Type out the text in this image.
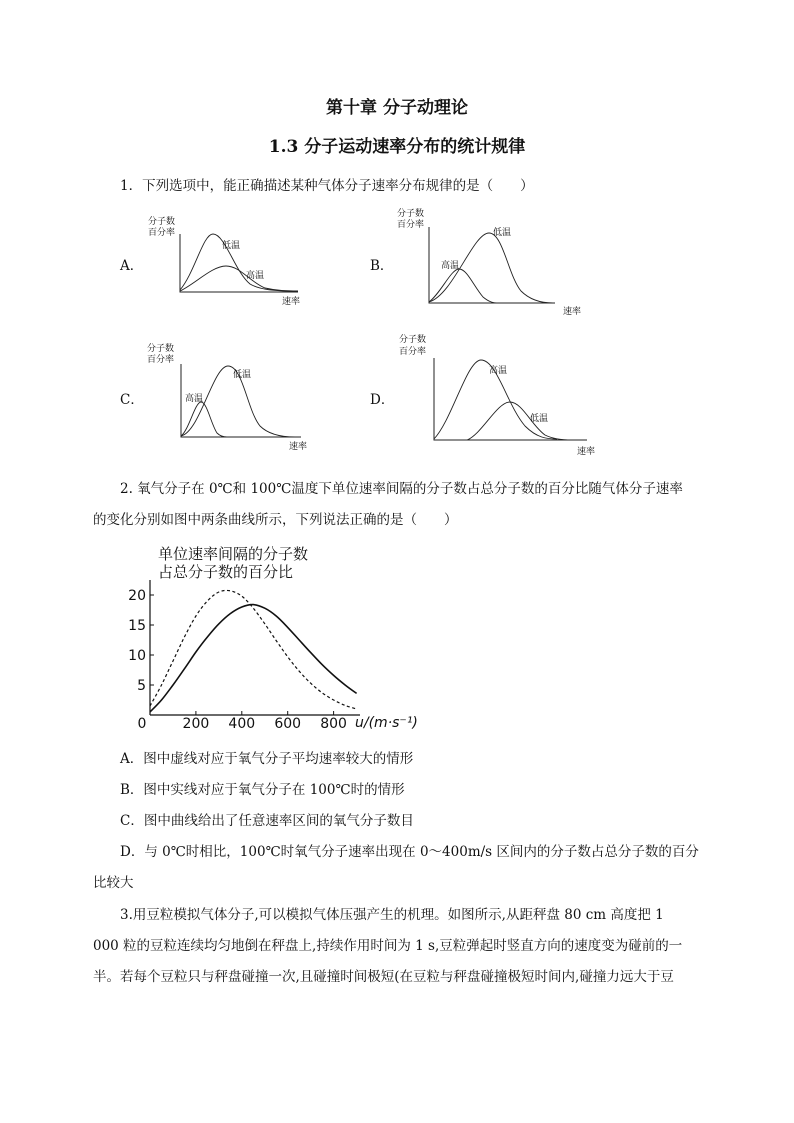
第十章 分子动理论
1.3 分子运动速率分布的统计规律
1．下列选项中，能正确描述某种气体分子速率分布规律的是（　　）
A．	B．
C．	D．
分子数
百分率
低温
高温
速率
分子数
百分率
高温
低温
速率
分子数
百分率
高温
低温
速率
分子数
百分率
高温
低温
速率
2. 氧气分子在 0℃和 100℃温度下单位速率间隔的分子数占总分子数的百分比随气体分子速率
的变化分别如图中两条曲线所示，下列说法正确的是（　　）
单位速率间隔的分子数
占总分子数的百分比
200 400 600 800
5
10
15
20
0	u/(m·s⁻¹)
A．图中虚线对应于氧气分子平均速率较大的情形
B．图中实线对应于氧气分子在 100℃时的情形
C．图中曲线给出了任意速率区间的氧气分子数目
D．与 0℃时相比，100℃时氧气分子速率出现在 0～400m/s 区间内的分子数占总分子数的百分
比较大
3.用豆粒模拟气体分子,可以模拟气体压强产生的机理。如图所示,从距秤盘 80 cm 高度把 1
000 粒的豆粒连续均匀地倒在秤盘上,持续作用时间为 1 s,豆粒弹起时竖直方向的速度变为碰前的一
半。若每个豆粒只与秤盘碰撞一次,且碰撞时间极短(在豆粒与秤盘碰撞极短时间内,碰撞力远大于豆
